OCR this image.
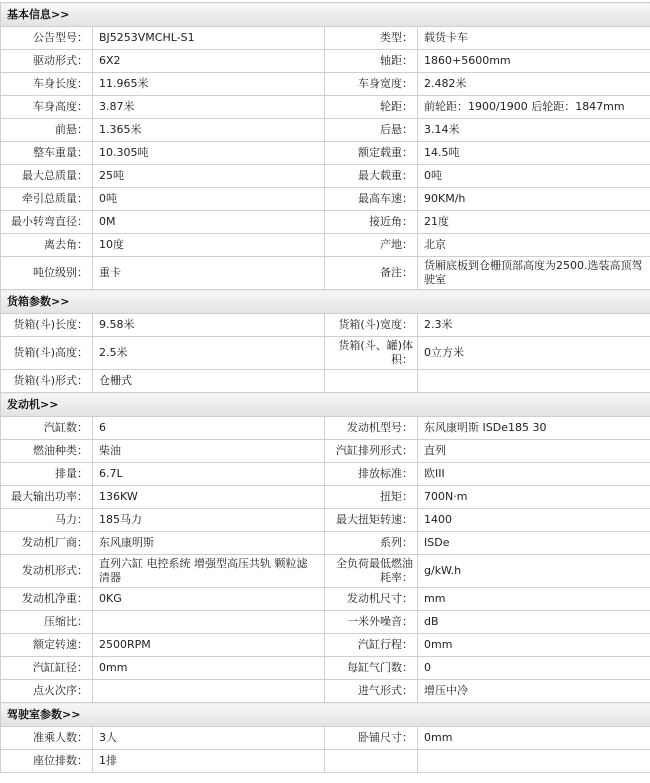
基本信息>>			
公告型号：	BJ5253VMCHL-S1	类型：	载货卡车
驱动形式：	6X2	轴距：	1860+5600mm
车身长度：	11.965米	车身宽度：	2.482米
车身高度：	3.87米	轮距：	前轮距：1900/1900 后轮距：1847mm
前悬：	1.365米	后悬：	3.14米
整车重量：	10.305吨	额定载重：	14.5吨
最大总质量：	25吨	最大载重：	0吨
牵引总质量：	0吨	最高车速：	90KM/h
最小转弯直径：	0M	接近角：	21度
离去角：	10度	产地：	北京
吨位级别：	重卡	备注：	货厢底板到仓栅顶部高度为2500.选装高顶驾驶室
货箱参数>>			
货箱(斗)长度：	9.58米	货箱(斗)宽度：	2.3米
货箱(斗)高度：	2.5米	货箱(斗、罐)体积：	0立方米
货箱(斗)形式：	仓栅式		
发动机>>			
汽缸数：	6	发动机型号：	东风康明斯 ISDe185 30
燃油种类：	柴油	汽缸排列形式：	直列
排量：	6.7L	排放标准：	欧III
最大输出功率：	136KW	扭矩：	700N·m
马力：	185马力	最大扭矩转速：	1400
发动机厂商：	东风康明斯	系列：	ISDe
发动机形式：	直列六缸 电控系统 增强型高压共轨 颗粒滤清器	全负荷最低燃油耗率：	g/kW.h
发动机净重：	0KG	发动机尺寸：	mm
压缩比：		一米外噪音：	dB
额定转速：	2500RPM	汽缸行程：	0mm
汽缸缸径：	0mm	每缸气门数：	0
点火次序：		进气形式：	增压中冷
驾驶室参数>>			
准乘人数：	3人	卧铺尺寸：	0mm
座位排数：	1排		
